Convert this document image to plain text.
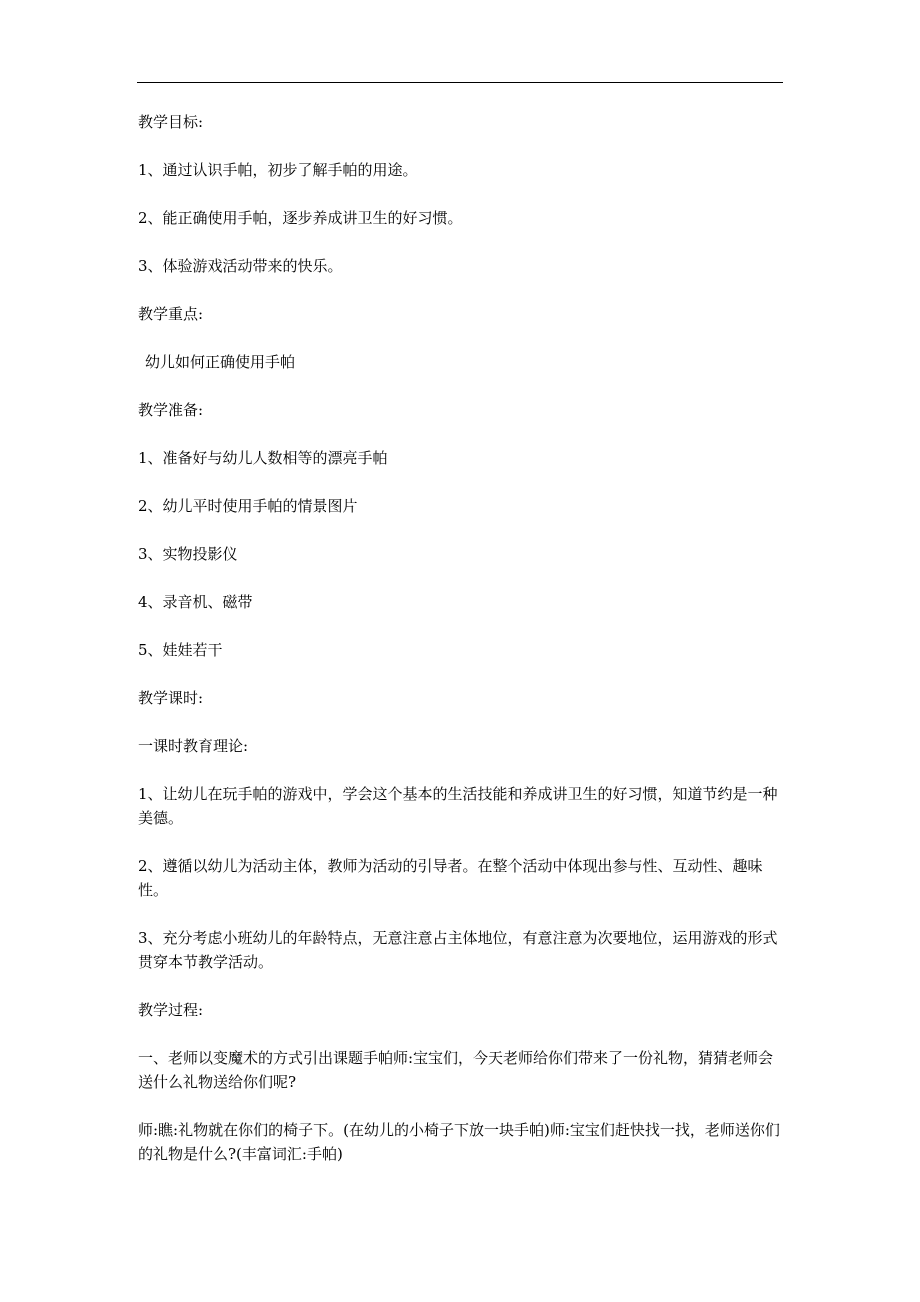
教学目标:

1、通过认识手帕，初步了解手帕的用途。

2、能正确使用手帕，逐步养成讲卫生的好习惯。

3、体验游戏活动带来的快乐。

教学重点:

幼儿如何正确使用手帕

教学准备:

1、准备好与幼儿人数相等的漂亮手帕

2、幼儿平时使用手帕的情景图片

3、实物投影仪

4、录音机、磁带

5、娃娃若干

教学课时:

一课时教育理论:

1、让幼儿在玩手帕的游戏中，学会这个基本的生活技能和养成讲卫生的好习惯，知道节约是一种美德。

2、遵循以幼儿为活动主体，教师为活动的引导者。在整个活动中体现出参与性、互动性、趣味性。

3、充分考虑小班幼儿的年龄特点，无意注意占主体地位，有意注意为次要地位，运用游戏的形式贯穿本节教学活动。

教学过程:

一、老师以变魔术的方式引出课题手帕师:宝宝们，今天老师给你们带来了一份礼物，猜猜老师会送什么礼物送给你们呢?

师:瞧:礼物就在你们的椅子下。(在幼儿的小椅子下放一块手帕)师:宝宝们赶快找一找，老师送你们的礼物是什么?(丰富词汇:手帕)
